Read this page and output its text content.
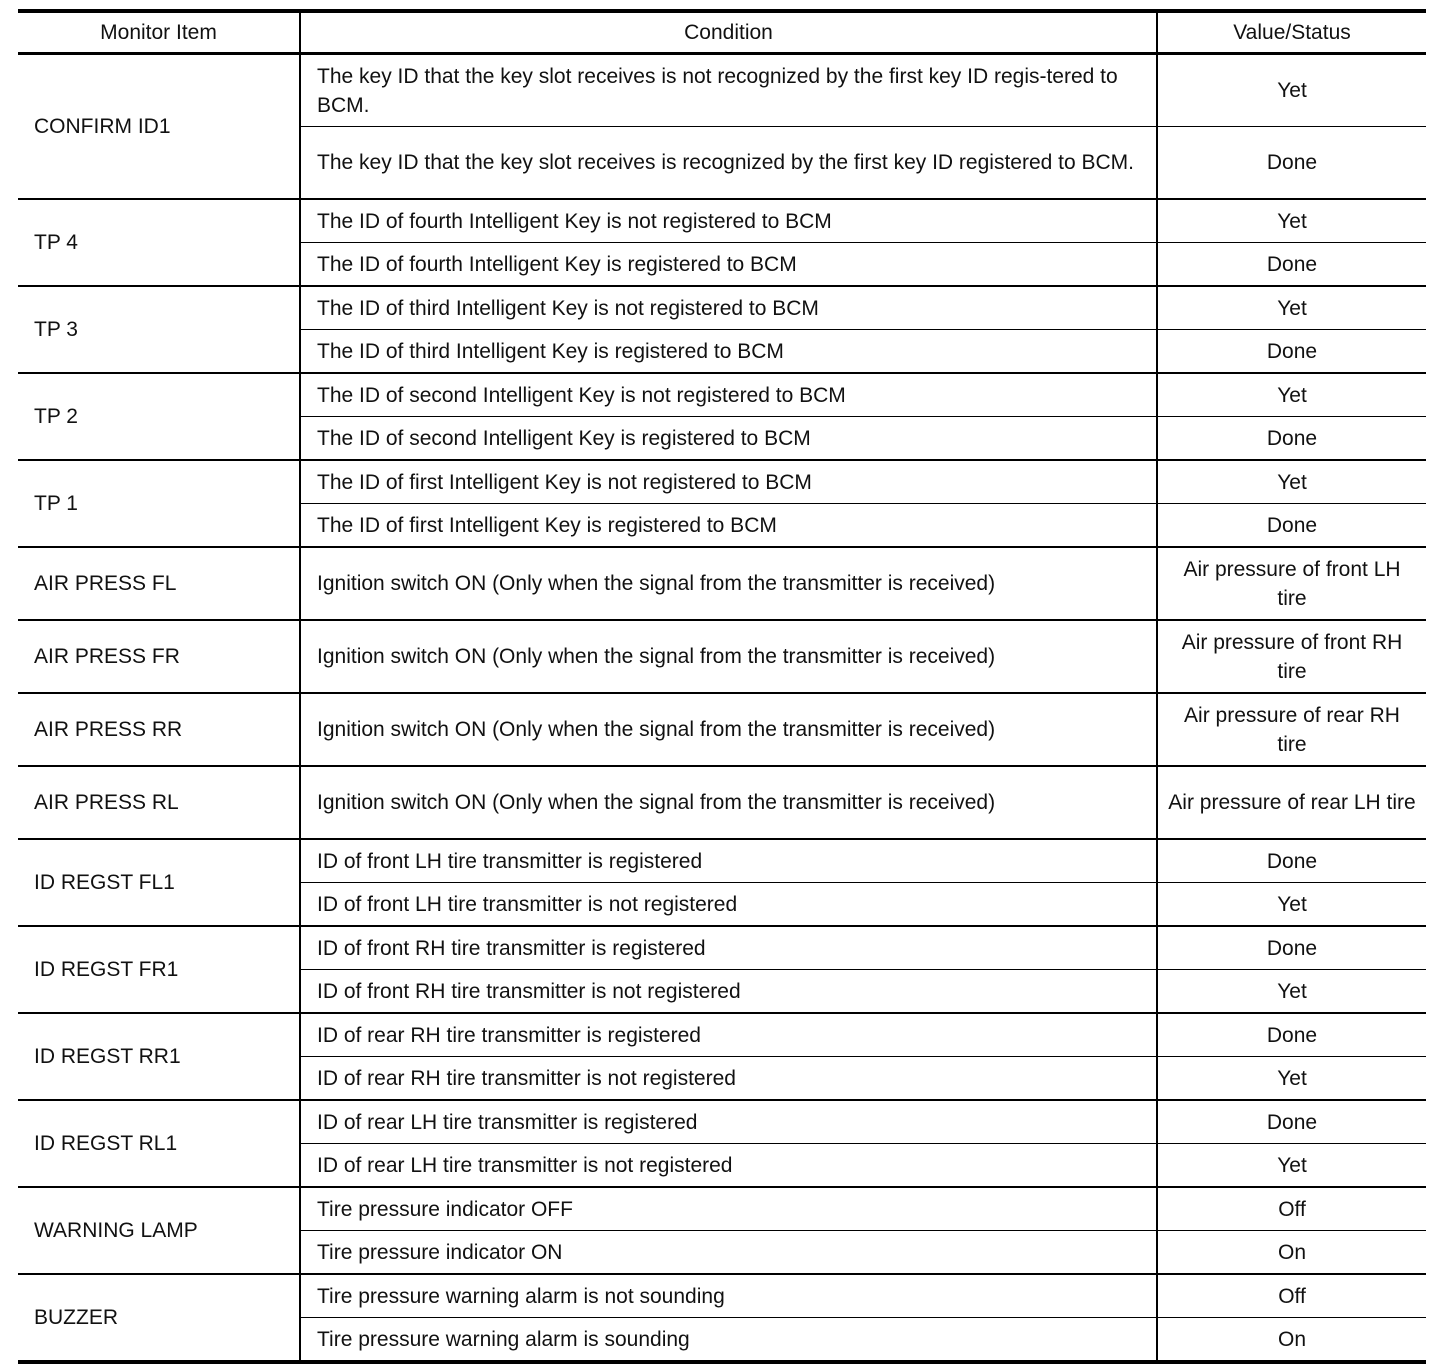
Monitor Item	Condition	Value/Status
CONFIRM ID1	The key ID that the key slot receives is not recognized by the first key ID regis-tered to BCM.	Yet
	The key ID that the key slot receives is recognized by the first key ID registered to BCM.	Done
TP 4	The ID of fourth Intelligent Key is not registered to BCM	Yet
	The ID of fourth Intelligent Key is registered to BCM	Done
TP 3	The ID of third Intelligent Key is not registered to BCM	Yet
	The ID of third Intelligent Key is registered to BCM	Done
TP 2	The ID of second Intelligent Key is not registered to BCM	Yet
	The ID of second Intelligent Key is registered to BCM	Done
TP 1	The ID of first Intelligent Key is not registered to BCM	Yet
	The ID of first Intelligent Key is registered to BCM	Done
AIR PRESS FL	Ignition switch ON (Only when the signal from the transmitter is received)	Air pressure of front LH tire
AIR PRESS FR	Ignition switch ON (Only when the signal from the transmitter is received)	Air pressure of front RH tire
AIR PRESS RR	Ignition switch ON (Only when the signal from the transmitter is received)	Air pressure of rear RH tire
AIR PRESS RL	Ignition switch ON (Only when the signal from the transmitter is received)	Air pressure of rear LH tire
ID REGST FL1	ID of front LH tire transmitter is registered	Done
	ID of front LH tire transmitter is not registered	Yet
ID REGST FR1	ID of front RH tire transmitter is registered	Done
	ID of front RH tire transmitter is not registered	Yet
ID REGST RR1	ID of rear RH tire transmitter is registered	Done
	ID of rear RH tire transmitter is not registered	Yet
ID REGST RL1	ID of rear LH tire transmitter is registered	Done
	ID of rear LH tire transmitter is not registered	Yet
WARNING LAMP	Tire pressure indicator OFF	Off
	Tire pressure indicator ON	On
BUZZER	Tire pressure warning alarm is not sounding	Off
	Tire pressure warning alarm is sounding	On
